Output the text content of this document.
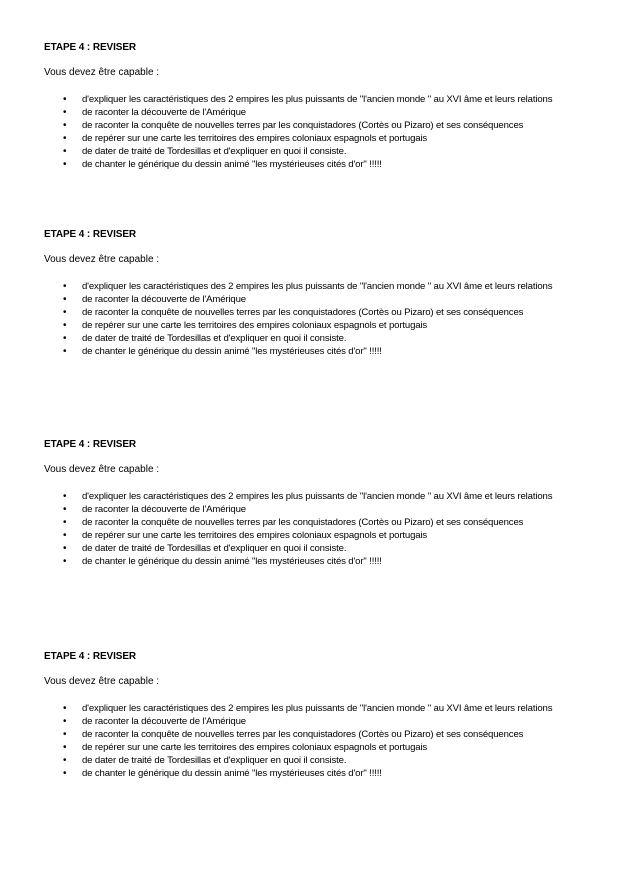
ETAPE 4 : REVISER

Vous devez être capable :

• d'expliquer les caractéristiques des 2 empires les plus puissants de "l'ancien monde " au XVI âme et leurs relations
• de raconter la découverte de l'Amérique
• de raconter la conquête de nouvelles terres par les conquistadores (Cortès ou Pizaro) et ses conséquences
• de repérer sur une carte les territoires des empires coloniaux espagnols et portugais
• de dater de traité de Tordesillas et d'expliquer en quoi il consiste.
• de chanter le générique du dessin animé "les mystérieuses cités d'or" !!!!!

ETAPE 4 : REVISER

Vous devez être capable :

• d'expliquer les caractéristiques des 2 empires les plus puissants de "l'ancien monde " au XVI âme et leurs relations
• de raconter la découverte de l'Amérique
• de raconter la conquête de nouvelles terres par les conquistadores (Cortès ou Pizaro) et ses conséquences
• de repérer sur une carte les territoires des empires coloniaux espagnols et portugais
• de dater de traité de Tordesillas et d'expliquer en quoi il consiste.
• de chanter le générique du dessin animé "les mystérieuses cités d'or" !!!!!

ETAPE 4 : REVISER

Vous devez être capable :

• d'expliquer les caractéristiques des 2 empires les plus puissants de "l'ancien monde " au XVI âme et leurs relations
• de raconter la découverte de l'Amérique
• de raconter la conquête de nouvelles terres par les conquistadores (Cortès ou Pizaro) et ses conséquences
• de repérer sur une carte les territoires des empires coloniaux espagnols et portugais
• de dater de traité de Tordesillas et d'expliquer en quoi il consiste.
• de chanter le générique du dessin animé "les mystérieuses cités d'or" !!!!!

ETAPE 4 : REVISER

Vous devez être capable :

• d'expliquer les caractéristiques des 2 empires les plus puissants de "l'ancien monde " au XVI âme et leurs relations
• de raconter la découverte de l'Amérique
• de raconter la conquête de nouvelles terres par les conquistadores (Cortès ou Pizaro) et ses conséquences
• de repérer sur une carte les territoires des empires coloniaux espagnols et portugais
• de dater de traité de Tordesillas et d'expliquer en quoi il consiste.
• de chanter le générique du dessin animé "les mystérieuses cités d'or" !!!!!
